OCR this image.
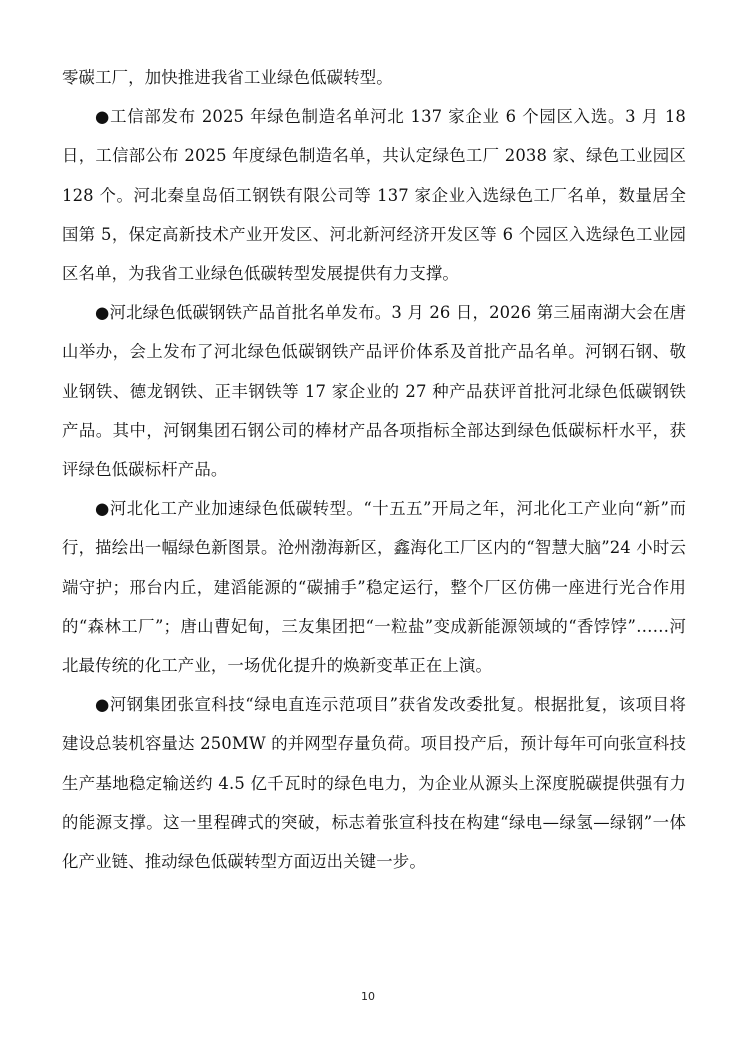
零碳工厂，加快推进我省工业绿色低碳转型。

●工信部发布 2025 年绿色制造名单河北 137 家企业 6 个园区入选。3 月 18 日，工信部公布 2025 年度绿色制造名单，共认定绿色工厂 2038 家、绿色工业园区 128 个。河北秦皇岛佰工钢铁有限公司等 137 家企业入选绿色工厂名单，数量居全国第 5，保定高新技术产业开发区、河北新河经济开发区等 6 个园区入选绿色工业园区名单，为我省工业绿色低碳转型发展提供有力支撑。

●河北绿色低碳钢铁产品首批名单发布。3 月 26 日，2026 第三届南湖大会在唐山举办，会上发布了河北绿色低碳钢铁产品评价体系及首批产品名单。河钢石钢、敬业钢铁、德龙钢铁、正丰钢铁等 17 家企业的 27 种产品获评首批河北绿色低碳钢铁产品。其中，河钢集团石钢公司的棒材产品各项指标全部达到绿色低碳标杆水平，获评绿色低碳标杆产品。

●河北化工产业加速绿色低碳转型。“十五五”开局之年，河北化工产业向“新”而行，描绘出一幅绿色新图景。沧州渤海新区，鑫海化工厂区内的“智慧大脑”24 小时云端守护；邢台内丘，建滔能源的“碳捕手”稳定运行，整个厂区仿佛一座进行光合作用的“森林工厂”；唐山曹妃甸，三友集团把“一粒盐”变成新能源领域的“香饽饽”……河北最传统的化工产业，一场优化提升的焕新变革正在上演。

●河钢集团张宣科技“绿电直连示范项目”获省发改委批复。根据批复，该项目将建设总装机容量达 250MW 的并网型存量负荷。项目投产后，预计每年可向张宣科技生产基地稳定输送约 4.5 亿千瓦时的绿色电力，为企业从源头上深度脱碳提供强有力的能源支撑。这一里程碑式的突破，标志着张宣科技在构建“绿电—绿氢—绿钢”一体化产业链、推动绿色低碳转型方面迈出关键一步。

10
